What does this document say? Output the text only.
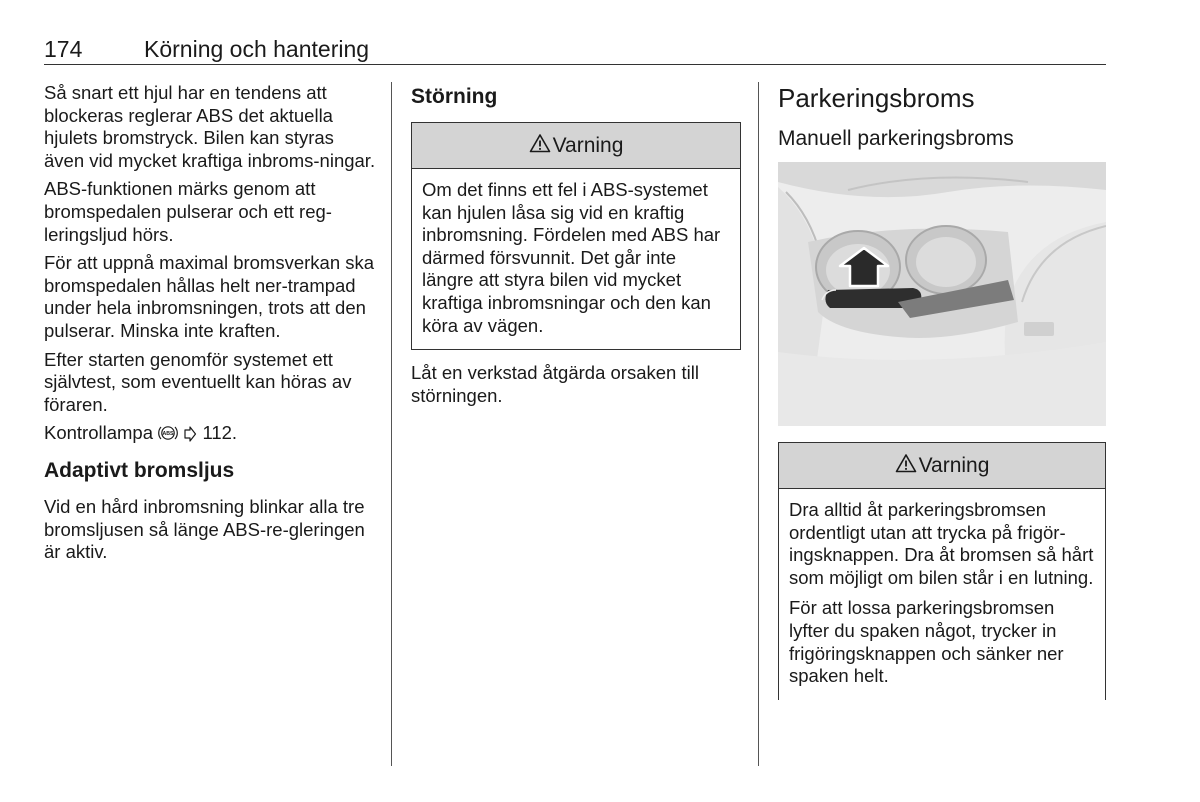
174	Körning och hantering

Så snart ett hjul har en tendens att blockeras reglerar ABS det aktuella hjulets bromstryck. Bilen kan styras även vid mycket kraftiga inbroms-ningar.

ABS-funktionen märks genom att bromspedalen pulserar och ett reg-leringsljud hörs.

För att uppnå maximal bromsverkan ska bromspedalen hållas helt ner-trampad under hela inbromsningen, trots att den pulserar. Minska inte kraften.

Efter starten genomför systemet ett självtest, som eventuellt kan höras av föraren.

Kontrollampa ABS 112.

Adaptivt bromsljus

Vid en hård inbromsning blinkar alla tre bromsljusen så länge ABS-re-gleringen är aktiv.

Störning
Varning

Om det finns ett fel i ABS-systemet kan hjulen låsa sig vid en kraftig inbromsning. Fördelen med ABS har därmed försvunnit. Det går inte längre att styra bilen vid mycket kraftiga inbromsningar och den kan köra av vägen.

Låt en verkstad åtgärda orsaken till störningen.

Parkeringsbroms
Manuell parkeringsbroms
Varning

Dra alltid åt parkeringsbromsen ordentligt utan att trycka på frigör-ingsknappen. Dra åt bromsen så hårt som möjligt om bilen står i en lutning.

För att lossa parkeringsbromsen lyfter du spaken något, trycker in frigöringsknappen och sänker ner spaken helt.
